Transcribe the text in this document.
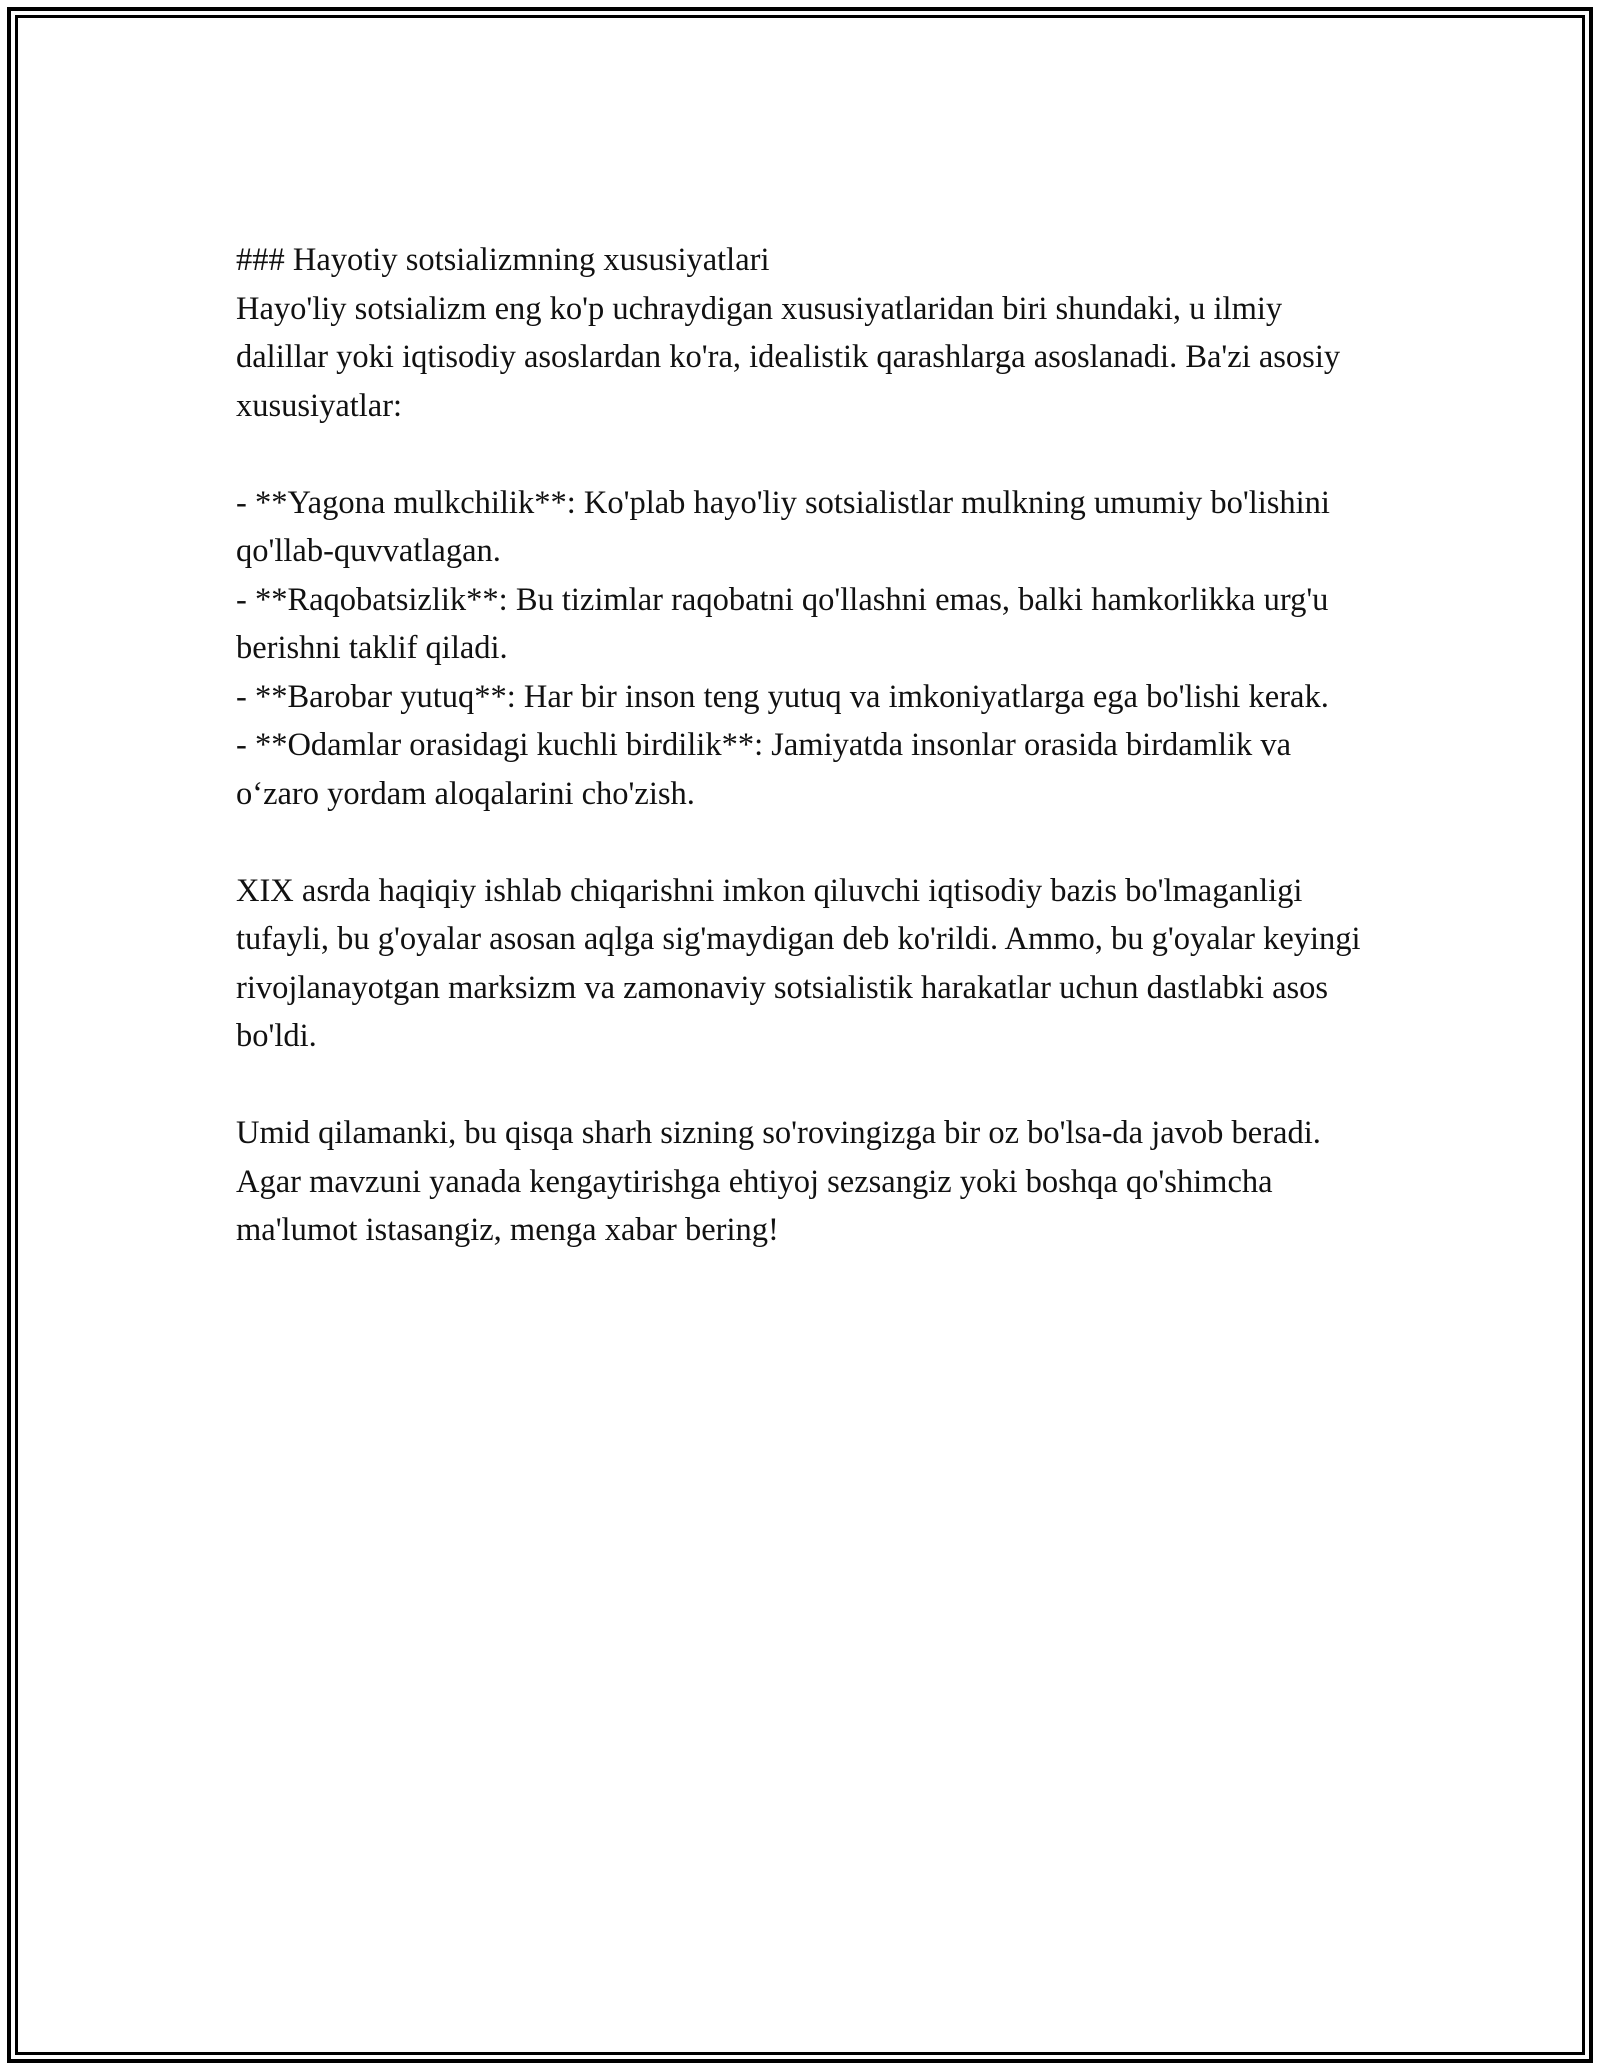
### Hayotiy sotsializmning xususiyatlari

Hayo'liy sotsializm eng ko'p uchraydigan xususiyatlaridan biri shundaki, u ilmiy dalillar yoki iqtisodiy asoslardan ko'ra, idealistik qarashlarga asoslanadi. Ba'zi asosiy xususiyatlar:

- **Yagona mulkchilik**: Ko'plab hayo'liy sotsialistlar mulkning umumiy bo'lishini qo'llab-quvvatlagan.

- **Raqobatsizlik**: Bu tizimlar raqobatni qo'llashni emas, balki hamkorlikka urg'u berishni taklif qiladi.

- **Barobar yutuq**: Har bir inson teng yutuq va imkoniyatlarga ega bo'lishi kerak.

- **Odamlar orasidagi kuchli birdilik**: Jamiyatda insonlar orasida birdamlik va o‘zaro yordam aloqalarini cho'zish.

XIX asrda haqiqiy ishlab chiqarishni imkon qiluvchi iqtisodiy bazis bo'lmaganligi tufayli, bu g'oyalar asosan aqlga sig'maydigan deb ko'rildi. Ammo, bu g'oyalar keyingi rivojlanayotgan marksizm va zamonaviy sotsialistik harakatlar uchun dastlabki asos bo'ldi.

Umid qilamanki, bu qisqa sharh sizning so'rovingizga bir oz bo'lsa-da javob beradi. Agar mavzuni yanada kengaytirishga ehtiyoj sezsangiz yoki boshqa qo'shimcha ma'lumot istasangiz, menga xabar bering!
